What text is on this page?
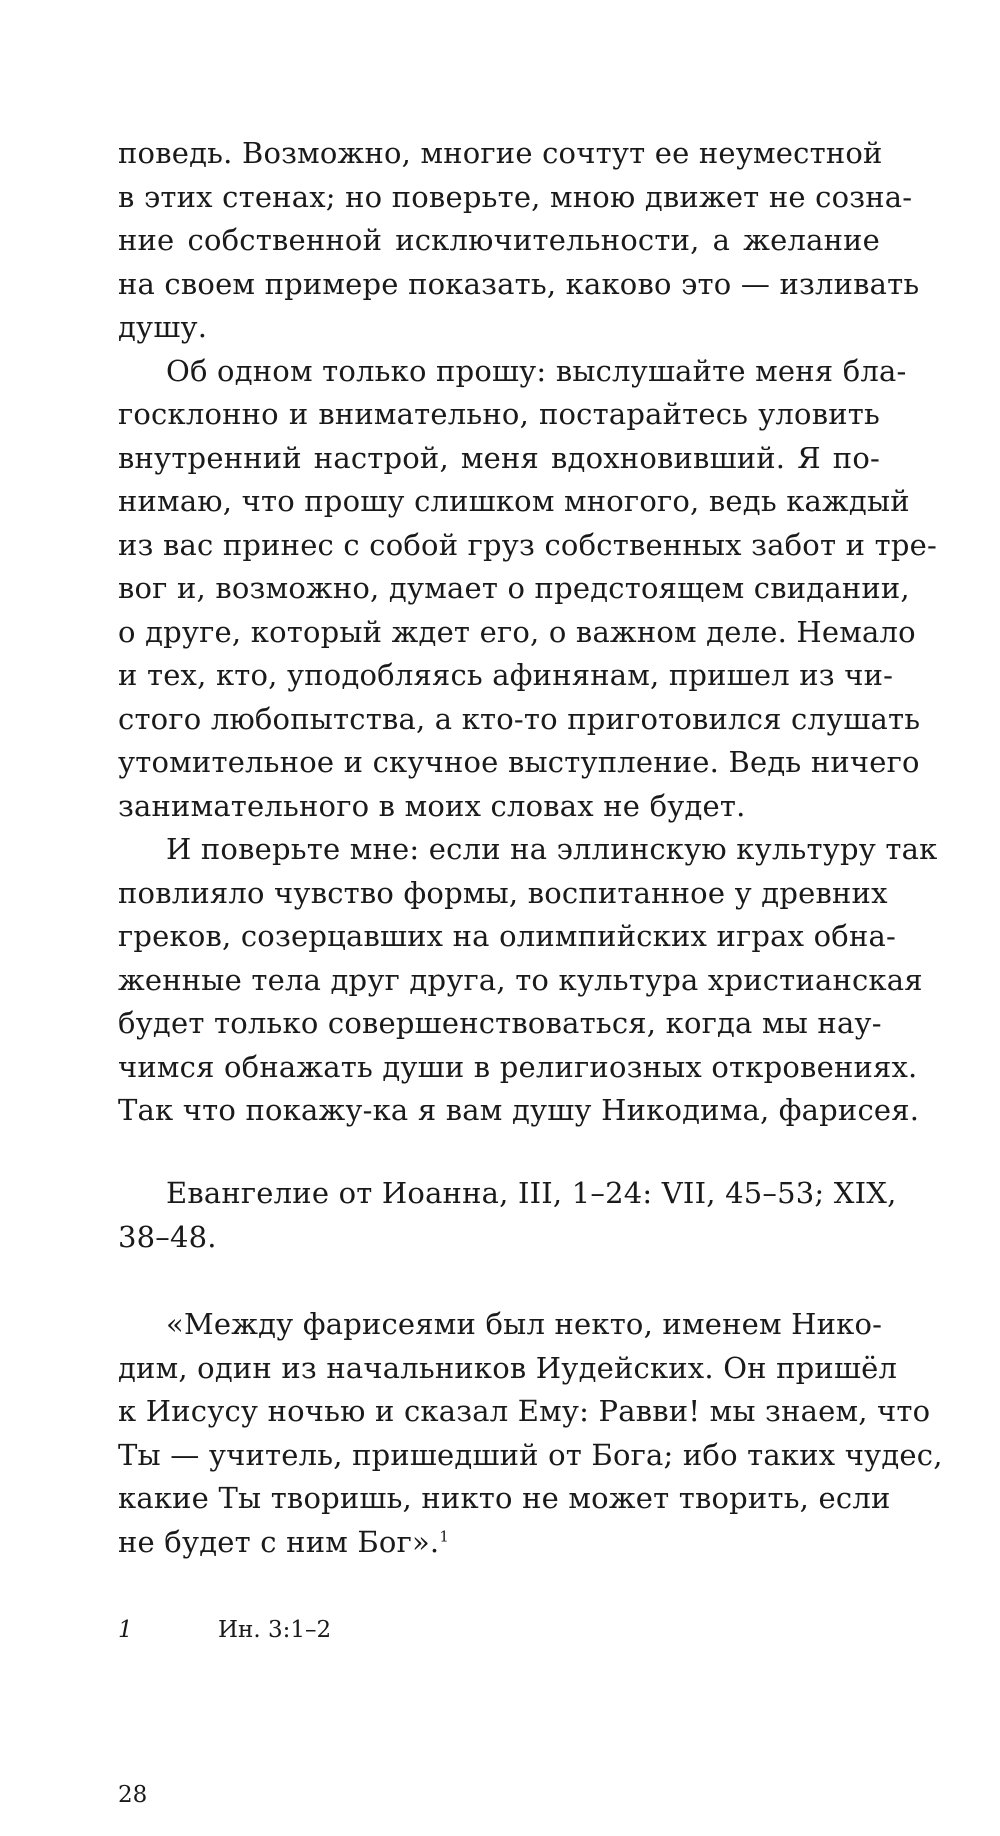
поведь. Возможно, многие сочтут ее неуместной
в этих стенах; но поверьте, мною движет не созна-
ние собственной исключительности, а желание
на своем примере показать, каково это — изливать
душу.
Об одном только прошу: выслушайте меня бла-
госклонно и внимательно, постарайтесь уловить
внутренний настрой, меня вдохновивший. Я по-
нимаю, что прошу слишком многого, ведь каждый
из вас принес с собой груз собственных забот и тре-
вог и, возможно, думает о предстоящем свидании,
о друге, который ждет его, о важном деле. Немало
и тех, кто, уподобляясь афинянам, пришел из чи-
стого любопытства, а кто-то приготовился слушать
утомительное и скучное выступление. Ведь ничего
занимательного в моих словах не будет.
И поверьте мне: если на эллинскую культуру так
повлияло чувство формы, воспитанное у древних
греков, созерцавших на олимпийских играх обна-
женные тела друг друга, то культура христианская
будет только совершенствоваться, когда мы нау-
чимся обнажать души в религиозных откровениях.
Так что покажу-ка я вам душу Никодима, фарисея.
Евангелие от Иоанна, III, 1–24: VII, 45–53; XIX,
38–48.
«Между фарисеями был некто, именем Нико-
дим, один из начальников Иудейских. Он пришёл
к Иисусу ночью и сказал Ему: Равви! мы знаем, что
Ты — учитель, пришедший от Бога; ибо таких чудес,
какие Ты творишь, никто не может творить, если
не будет с ним Бог».$^1$
1	Ин. 3:1–2
28
